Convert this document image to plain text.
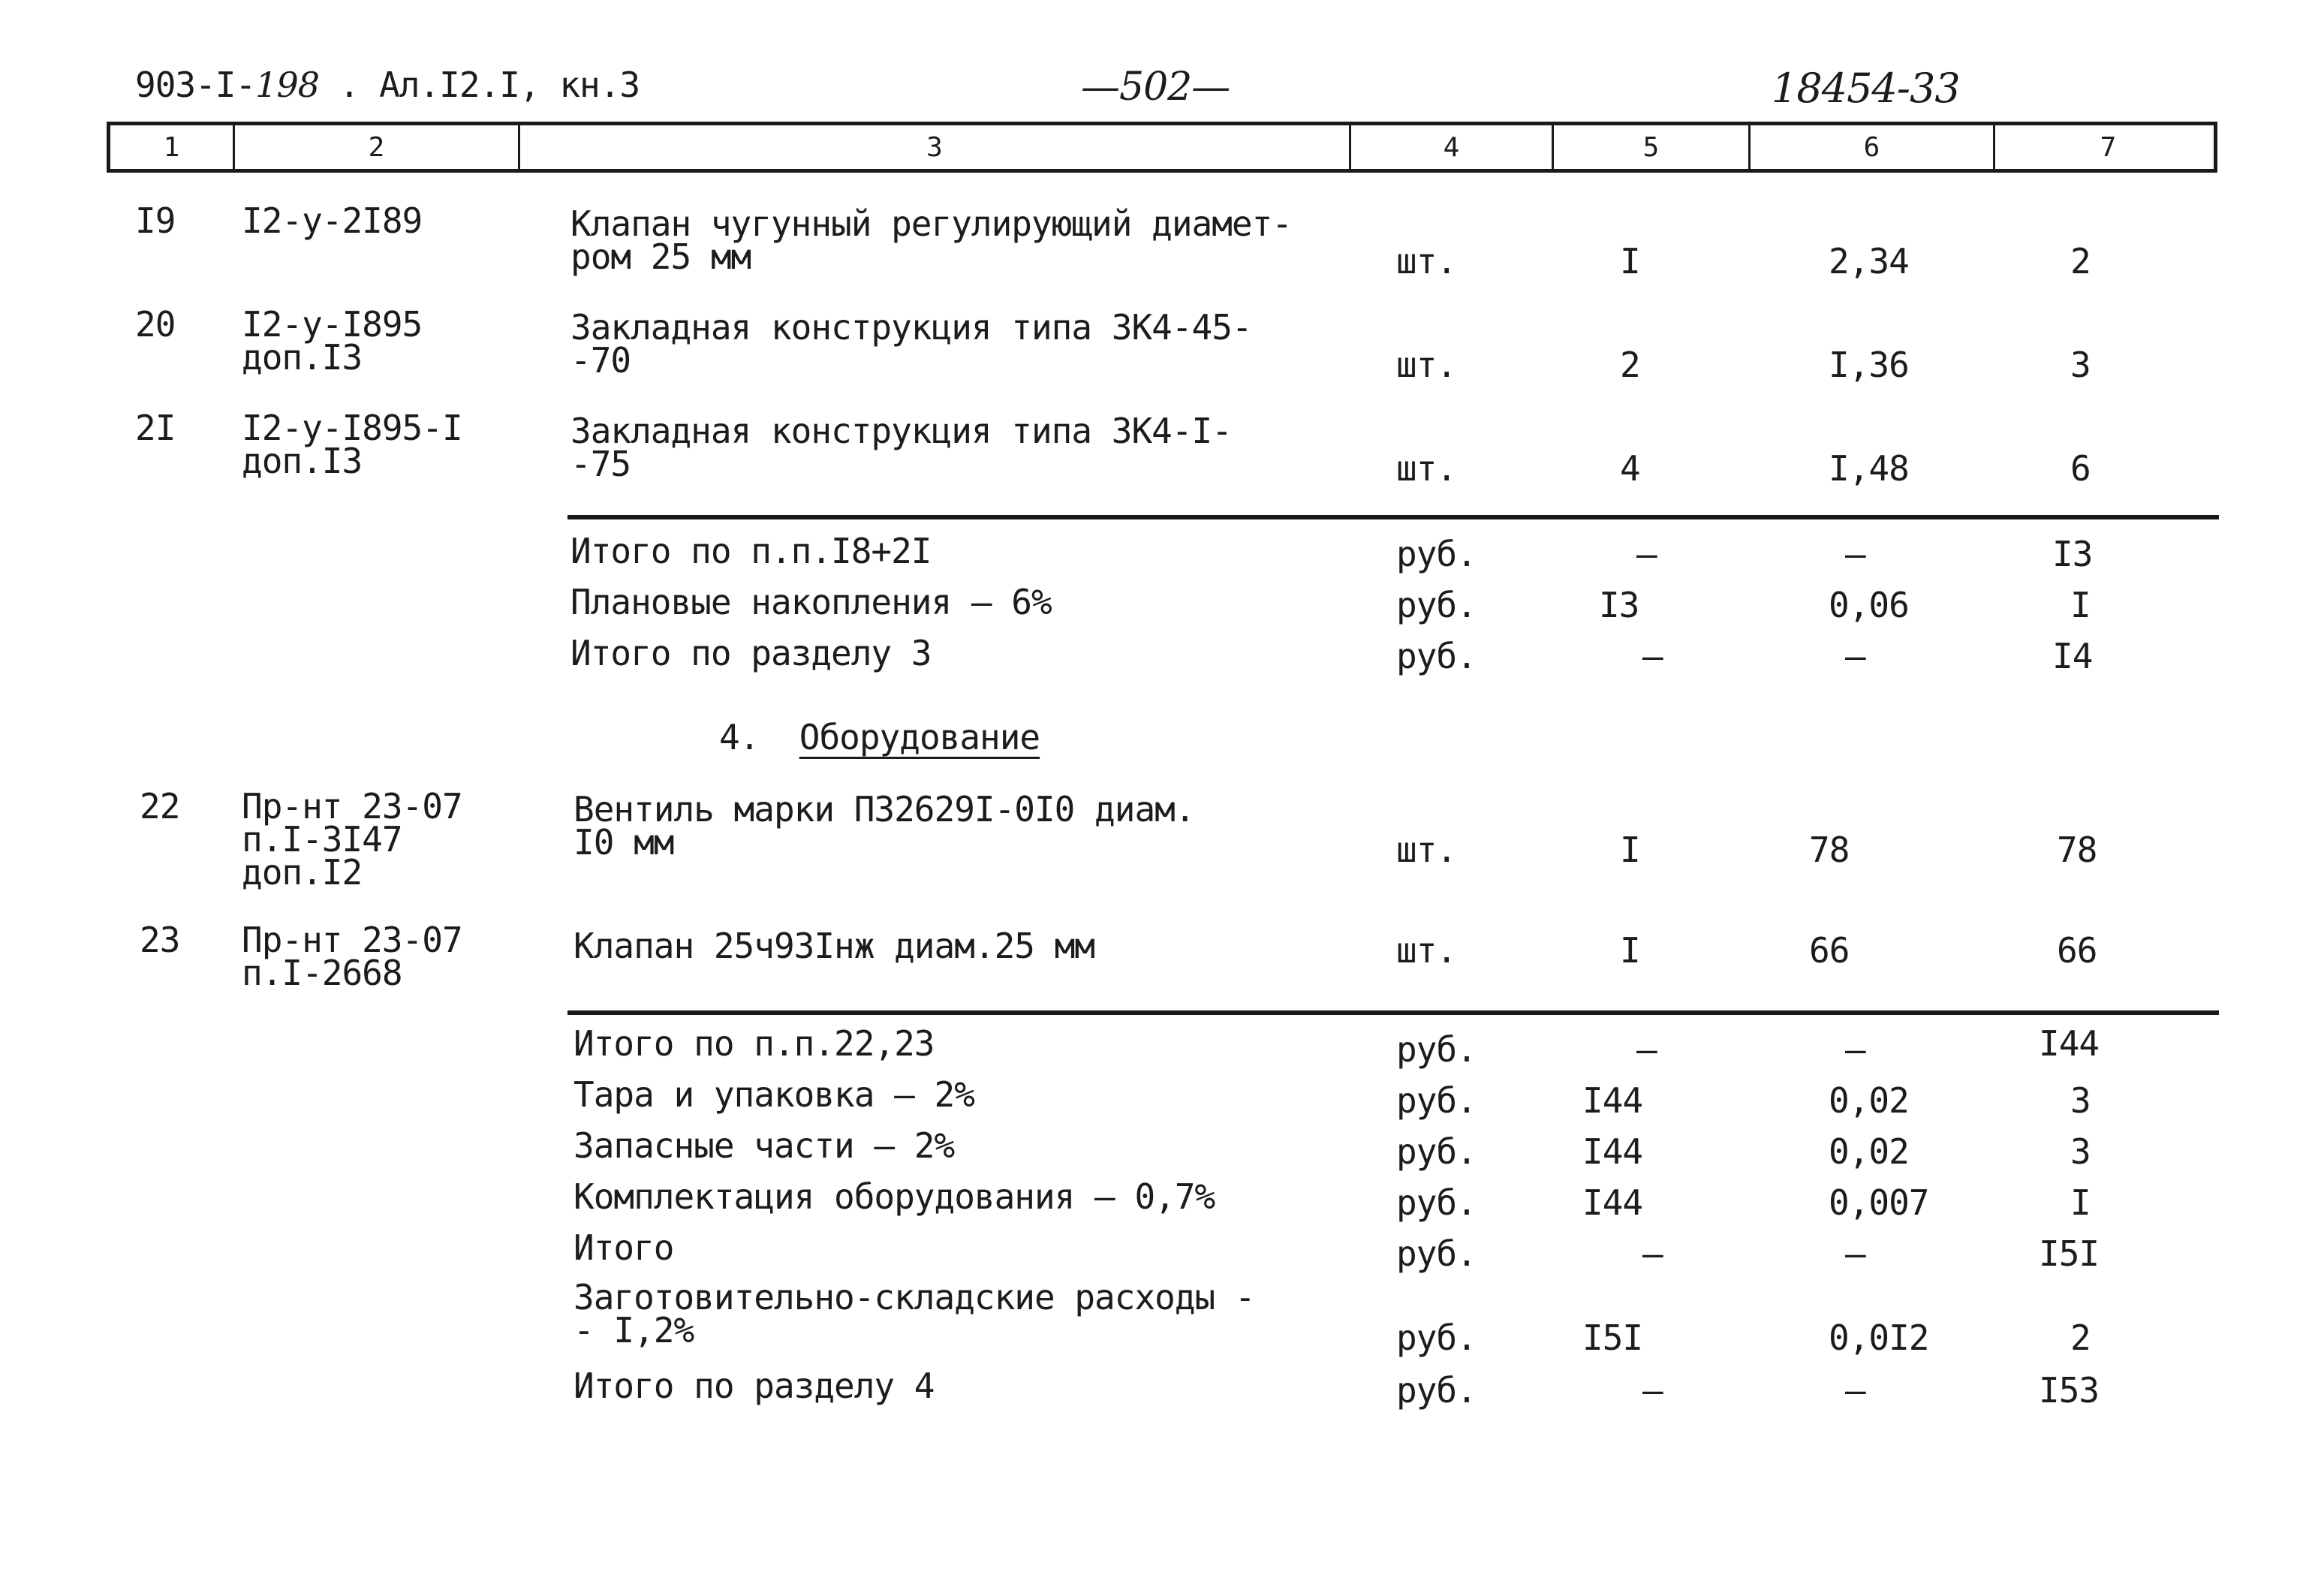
903-I-198 . Ал.I2.I, кн.3	—502—	18454-33
1	2	3	4	5	6	7
I9 I2-у-2I89	Клапан чугунный регулирующий диамет-
ром 25 мм	шт.	I	2,34	2
20 I2-у-I895
доп.I3
Закладная конструкция типа ЗК4-45-
-70	шт.	2	I,36	3
2I I2-у-I895-I
доп.I3
Закладная конструкция типа ЗК4-I-
-75	шт.	4	I,48	6
Итого по п.п.I8+2I	руб.	–	–	I3
Плановые накопления – 6%	руб.	I3	0,06	I
Итого по разделу 3	руб.	–	–	I4
4. Оборудование
22 Пр-нт 23-07
п.I-3I47
доп.I2
Вентиль марки П32629I-0I0 диам.
I0 мм	шт.	I	78	78
23 Пр-нт 23-07
п.I-2668
Клапан 25ч93Iнж диам.25 мм	шт.	I	66	66
Итого по п.п.22,23	руб.	–	–	I44
Тара и упаковка – 2%	руб.	I44	0,02	3
Запасные части – 2%	руб.	I44	0,02	3
Комплектация оборудования – 0,7%	руб.	I44	0,007	I
Итого	руб.	–	–	I5I
Заготовительно-складские расходы -
- I,2%	руб.	I5I	0,0I2	2
Итого по разделу 4	руб.	–	–	I53
